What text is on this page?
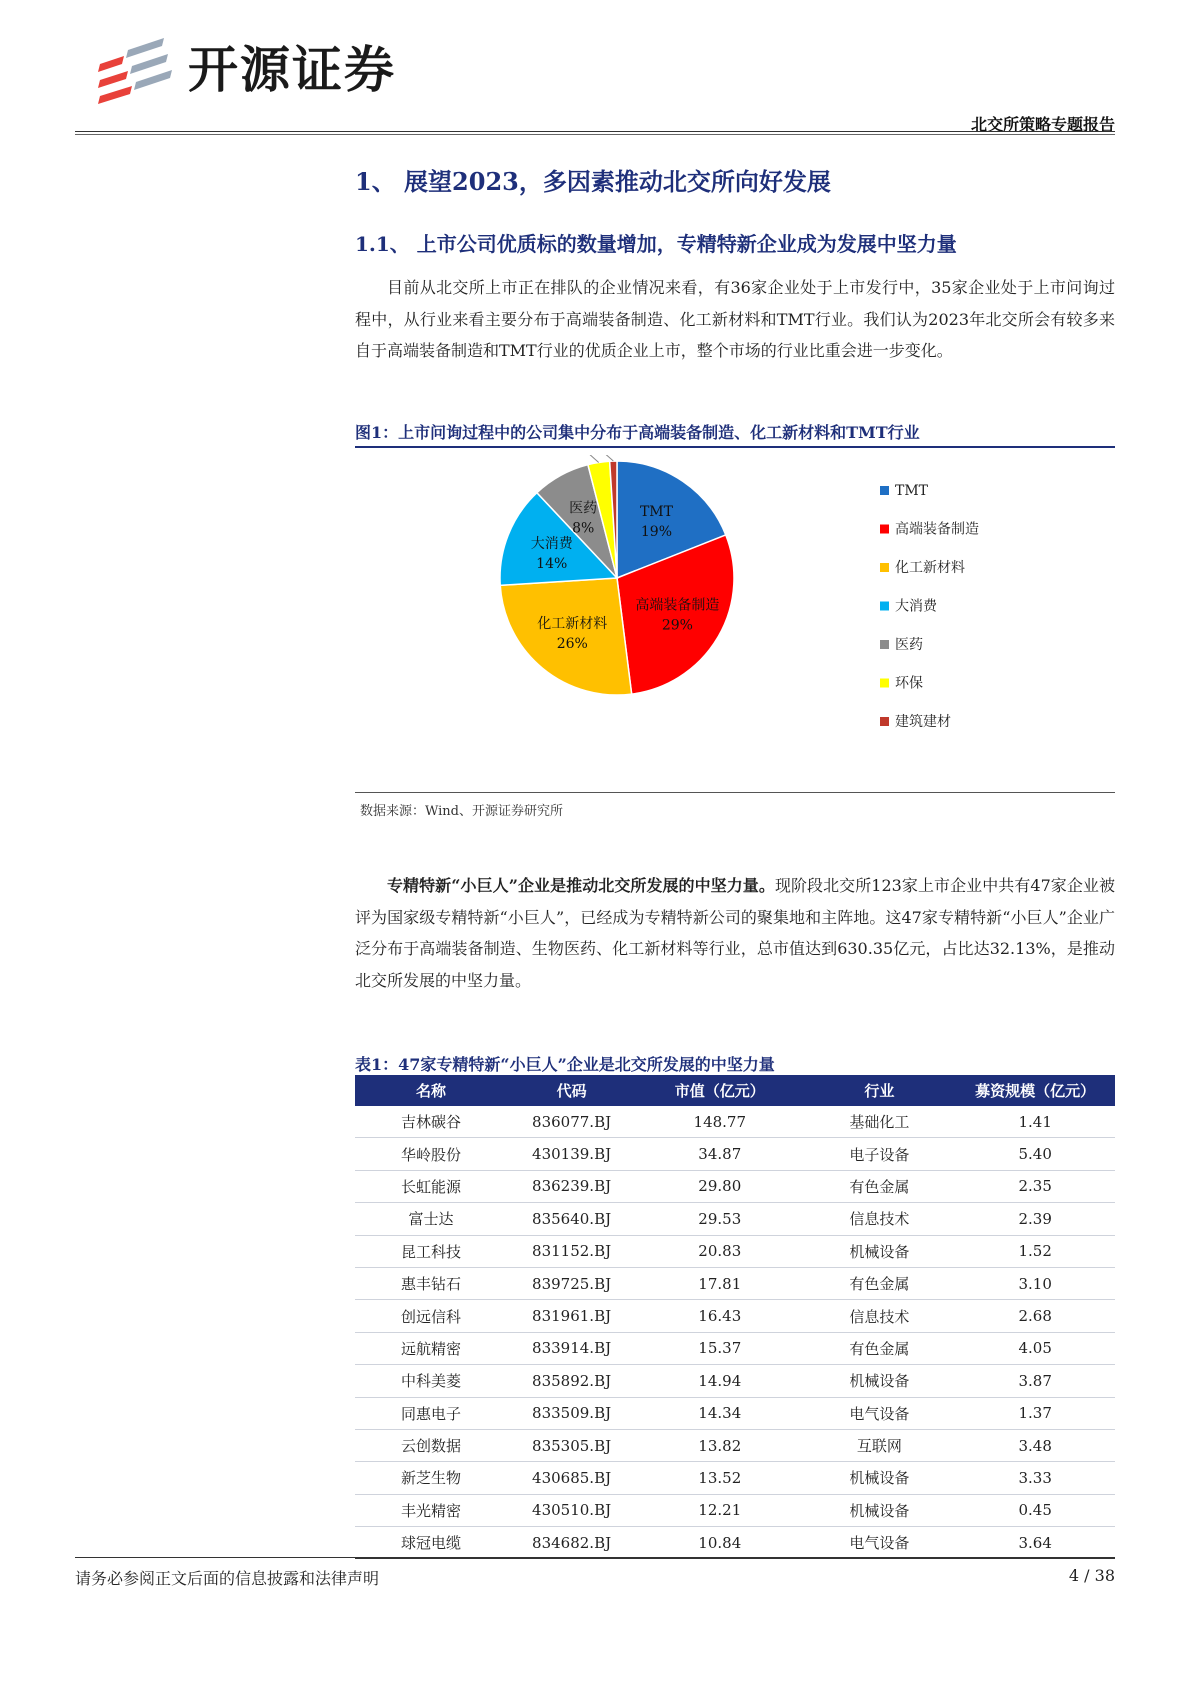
开源证券
北交所策略专题报告
1、 展望2023，多因素推动北交所向好发展
1.1、 上市公司优质标的数量增加，专精特新企业成为发展中坚力量
目前从北交所上市正在排队的企业情况来看，有36家企业处于上市发行中，35家企业处于上市问询过程中，从行业来看主要分布于高端装备制造、化工新材料和TMT行业。我们认为2023年北交所会有较多来自于高端装备制造和TMT行业的优质企业上市，整个市场的行业比重会进一步变化。
图1：上市问询过程中的公司集中分布于高端装备制造、化工新材料和TMT行业
TMT
19%
高端装备制造
29%
化工新材料
26%
大消费
14%
医药
8%
TMT
高端装备制造
化工新材料
大消费
医药
环保
建筑建材
数据来源：Wind、开源证券研究所
专精特新“小巨人”企业是推动北交所发展的中坚力量。现阶段北交所123家上市企业中共有47家企业被评为国家级专精特新“小巨人”，已经成为专精特新公司的聚集地和主阵地。这47家专精特新“小巨人”企业广泛分布于高端装备制造、生物医药、化工新材料等行业，总市值达到630.35亿元，占比达32.13%，是推动北交所发展的中坚力量。
表1：47家专精特新“小巨人”企业是北交所发展的中坚力量
名称	代码	市值（亿元）	行业	募资规模（亿元）
吉林碳谷	836077.BJ	148.77	基础化工	1.41
华岭股份	430139.BJ	34.87	电子设备	5.40
长虹能源	836239.BJ	29.80	有色金属	2.35
富士达	835640.BJ	29.53	信息技术	2.39
昆工科技	831152.BJ	20.83	机械设备	1.52
惠丰钻石	839725.BJ	17.81	有色金属	3.10
创远信科	831961.BJ	16.43	信息技术	2.68
远航精密	833914.BJ	15.37	有色金属	4.05
中科美菱	835892.BJ	14.94	机械设备	3.87
同惠电子	833509.BJ	14.34	电气设备	1.37
云创数据	835305.BJ	13.82	互联网	3.48
新芝生物	430685.BJ	13.52	机械设备	3.33
丰光精密	430510.BJ	12.21	机械设备	0.45
球冠电缆	834682.BJ	10.84	电气设备	3.64
请务必参阅正文后面的信息披露和法律声明	4 / 38
